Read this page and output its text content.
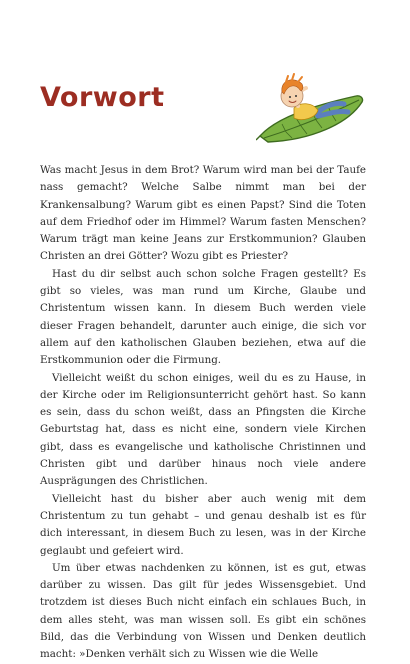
Vorwort

Was macht Jesus in dem Brot? Warum wird man bei der Taufe nass gemacht? Welche Salbe nimmt man bei der Krankensalbung? Warum gibt es einen Papst? Sind die Toten auf dem Friedhof oder im Himmel? Warum fasten Menschen? Warum trägt man keine Jeans zur Erstkommunion? Glauben Christen an drei Götter? Wozu gibt es Priester?

Hast du dir selbst auch schon solche Fragen gestellt? Es gibt so vieles, was man rund um Kirche, Glaube und Christentum wissen kann. In diesem Buch werden viele dieser Fragen behandelt, darunter auch einige, die sich vor allem auf den katholischen Glauben beziehen, etwa auf die Erstkommunion oder die Firmung.

Vielleicht weißt du schon einiges, weil du es zu Hause, in der Kirche oder im Religionsunterricht gehört hast. So kann es sein, dass du schon weißt, dass an Pfingsten die Kirche Geburtstag hat, dass es nicht eine, sondern viele Kirchen gibt, dass es evangelische und katholische Christinnen und Christen gibt und darüber hinaus noch viele andere Ausprägungen des Christlichen.

Vielleicht hast du bisher aber auch wenig mit dem Christentum zu tun gehabt – und genau deshalb ist es für dich interessant, in diesem Buch zu lesen, was in der Kirche geglaubt und gefeiert wird.

Um über etwas nachdenken zu können, ist es gut, etwas darüber zu wissen. Das gilt für jedes Wissensgebiet. Und trotzdem ist dieses Buch nicht einfach ein schlaues Buch, in dem alles steht, was man wissen soll. Es gibt ein schönes Bild, das die Verbindung von Wissen und Denken deutlich macht: »Denken verhält sich zu Wissen wie die Welle
